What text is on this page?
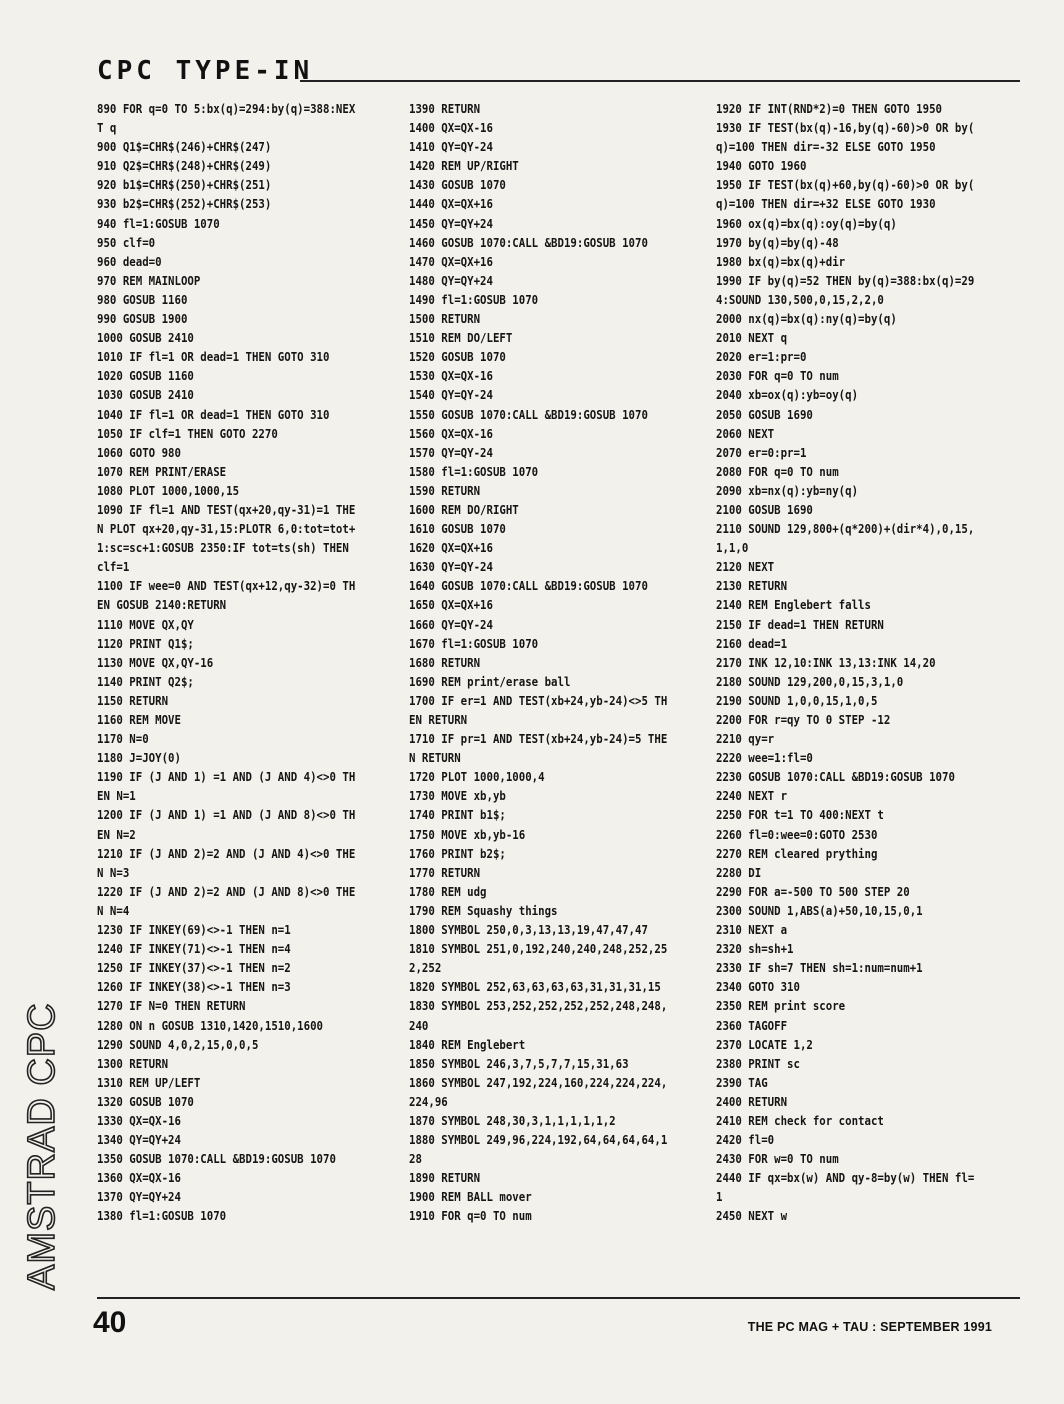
CPC TYPE-IN
890 FOR q=0 TO 5:bx(q)=294:by(q)=388:NEX
T q
900 Q1$=CHR$(246)+CHR$(247)
910 Q2$=CHR$(248)+CHR$(249)
920 b1$=CHR$(250)+CHR$(251)
930 b2$=CHR$(252)+CHR$(253)
940 fl=1:GOSUB 1070
950 clf=0
960 dead=0
970 REM MAINLOOP
980 GOSUB 1160
990 GOSUB 1900
1000 GOSUB 2410
1010 IF fl=1 OR dead=1 THEN GOTO 310
1020 GOSUB 1160
1030 GOSUB 2410
1040 IF fl=1 OR dead=1 THEN GOTO 310
1050 IF clf=1 THEN GOTO 2270
1060 GOTO 980
1070 REM PRINT/ERASE
1080 PLOT 1000,1000,15
1090 IF fl=1 AND TEST(qx+20,qy-31)=1 THE
N PLOT qx+20,qy-31,15:PLOTR 6,0:tot=tot+
1:sc=sc+1:GOSUB 2350:IF tot=ts(sh) THEN
clf=1
1100 IF wee=0 AND TEST(qx+12,qy-32)=0 TH
EN GOSUB 2140:RETURN
1110 MOVE QX,QY
1120 PRINT Q1$;
1130 MOVE QX,QY-16
1140 PRINT Q2$;
1150 RETURN
1160 REM MOVE
1170 N=0
1180 J=JOY(0)
1190 IF (J AND 1) =1 AND (J AND 4)<>0 TH
EN N=1
1200 IF (J AND 1) =1 AND (J AND 8)<>0 TH
EN N=2
1210 IF (J AND 2)=2 AND (J AND 4)<>0 THE
N N=3
1220 IF (J AND 2)=2 AND (J AND 8)<>0 THE
N N=4
1230 IF INKEY(69)<>-1 THEN n=1
1240 IF INKEY(71)<>-1 THEN n=4
1250 IF INKEY(37)<>-1 THEN n=2
1260 IF INKEY(38)<>-1 THEN n=3
1270 IF N=0 THEN RETURN
1280 ON n GOSUB 1310,1420,1510,1600
1290 SOUND 4,0,2,15,0,0,5
1300 RETURN
1310 REM UP/LEFT
1320 GOSUB 1070
1330 QX=QX-16
1340 QY=QY+24
1350 GOSUB 1070:CALL &BD19:GOSUB 1070
1360 QX=QX-16
1370 QY=QY+24
1380 fl=1:GOSUB 1070
1390 RETURN
1400 QX=QX-16
1410 QY=QY-24
1420 REM UP/RIGHT
1430 GOSUB 1070
1440 QX=QX+16
1450 QY=QY+24
1460 GOSUB 1070:CALL &BD19:GOSUB 1070
1470 QX=QX+16
1480 QY=QY+24
1490 fl=1:GOSUB 1070
1500 RETURN
1510 REM DO/LEFT
1520 GOSUB 1070
1530 QX=QX-16
1540 QY=QY-24
1550 GOSUB 1070:CALL &BD19:GOSUB 1070
1560 QX=QX-16
1570 QY=QY-24
1580 fl=1:GOSUB 1070
1590 RETURN
1600 REM DO/RIGHT
1610 GOSUB 1070
1620 QX=QX+16
1630 QY=QY-24
1640 GOSUB 1070:CALL &BD19:GOSUB 1070
1650 QX=QX+16
1660 QY=QY-24
1670 fl=1:GOSUB 1070
1680 RETURN
1690 REM print/erase ball
1700 IF er=1 AND TEST(xb+24,yb-24)<>5 TH
EN RETURN
1710 IF pr=1 AND TEST(xb+24,yb-24)=5 THE
N RETURN
1720 PLOT 1000,1000,4
1730 MOVE xb,yb
1740 PRINT b1$;
1750 MOVE xb,yb-16
1760 PRINT b2$;
1770 RETURN
1780 REM udg
1790 REM Squashy things
1800 SYMBOL 250,0,3,13,13,19,47,47,47
1810 SYMBOL 251,0,192,240,240,248,252,25
2,252
1820 SYMBOL 252,63,63,63,63,31,31,31,15
1830 SYMBOL 253,252,252,252,252,248,248,
240
1840 REM Englebert
1850 SYMBOL 246,3,7,5,7,7,15,31,63
1860 SYMBOL 247,192,224,160,224,224,224,
224,96
1870 SYMBOL 248,30,3,1,1,1,1,1,2
1880 SYMBOL 249,96,224,192,64,64,64,64,1
28
1890 RETURN
1900 REM BALL mover
1910 FOR q=0 TO num
1920 IF INT(RND*2)=0 THEN GOTO 1950
1930 IF TEST(bx(q)-16,by(q)-60)>0 OR by(
q)=100 THEN dir=-32 ELSE GOTO 1950
1940 GOTO 1960
1950 IF TEST(bx(q)+60,by(q)-60)>0 OR by(
q)=100 THEN dir=+32 ELSE GOTO 1930
1960 ox(q)=bx(q):oy(q)=by(q)
1970 by(q)=by(q)-48
1980 bx(q)=bx(q)+dir
1990 IF by(q)=52 THEN by(q)=388:bx(q)=29
4:SOUND 130,500,0,15,2,2,0
2000 nx(q)=bx(q):ny(q)=by(q)
2010 NEXT q
2020 er=1:pr=0
2030 FOR q=0 TO num
2040 xb=ox(q):yb=oy(q)
2050 GOSUB 1690
2060 NEXT
2070 er=0:pr=1
2080 FOR q=0 TO num
2090 xb=nx(q):yb=ny(q)
2100 GOSUB 1690
2110 SOUND 129,800+(q*200)+(dir*4),0,15,
1,1,0
2120 NEXT
2130 RETURN
2140 REM Englebert falls
2150 IF dead=1 THEN RETURN
2160 dead=1
2170 INK 12,10:INK 13,13:INK 14,20
2180 SOUND 129,200,0,15,3,1,0
2190 SOUND 1,0,0,15,1,0,5
2200 FOR r=qy TO 0 STEP -12
2210 qy=r
2220 wee=1:fl=0
2230 GOSUB 1070:CALL &BD19:GOSUB 1070
2240 NEXT r
2250 FOR t=1 TO 400:NEXT t
2260 fl=0:wee=0:GOTO 2530
2270 REM cleared prything
2280 DI
2290 FOR a=-500 TO 500 STEP 20
2300 SOUND 1,ABS(a)+50,10,15,0,1
2310 NEXT a
2320 sh=sh+1
2330 IF sh=7 THEN sh=1:num=num+1
2340 GOTO 310
2350 REM print score
2360 TAGOFF
2370 LOCATE 1,2
2380 PRINT sc
2390 TAG
2400 RETURN
2410 REM check for contact
2420 fl=0
2430 FOR w=0 TO num
2440 IF qx=bx(w) AND qy-8=by(w) THEN fl=
1
2450 NEXT w
AMSTRAD CPC
40	THE PC MAG + TAU : SEPTEMBER 1991
